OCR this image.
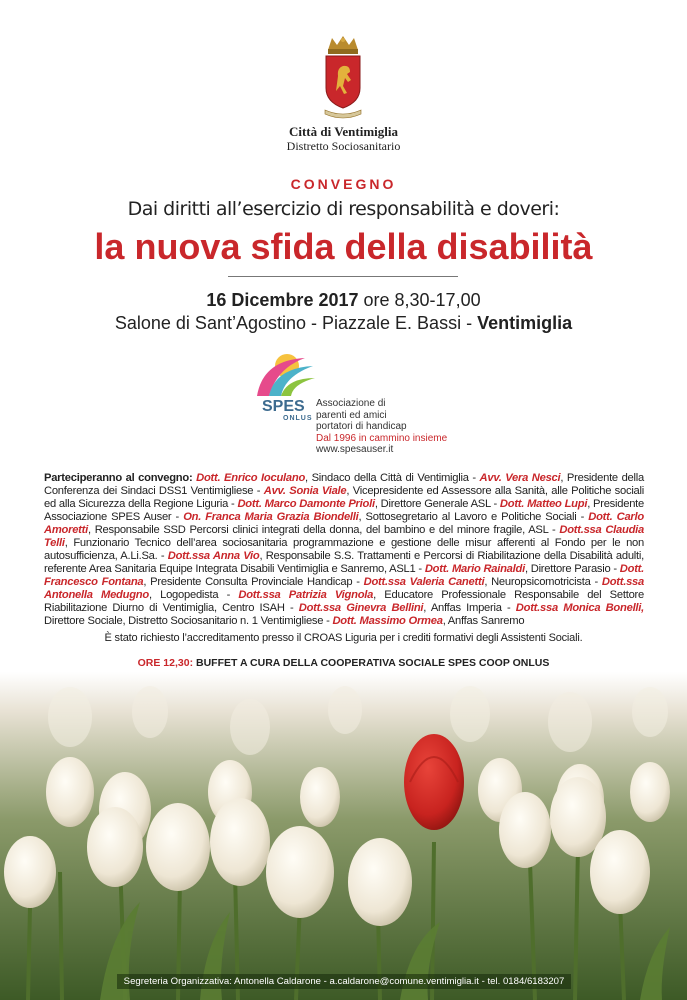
Città di Ventimiglia
Distretto Sociosanitario
CONVEGNO
Dai diritti all’esercizio di responsabilità e doveri:
la nuova sfida della disabilità
16 Dicembre 2017 ore 8,30-17,00
Salone di Sant’Agostino - Piazzale E. Bassi - Ventimiglia
SPES
ONLUS
Associazione di
parenti ed amici
portatori di handicap
Dal 1996 in cammino insieme
www.spesauser.it
Parteciperanno al convegno: Dott. Enrico Ioculano, Sindaco della Città di Ventimiglia - Avv. Vera Nesci, Presidente della Conferenza dei Sindaci DSS1 Ventimigliese - Avv. Sonia Viale, Vicepresidente ed Assessore alla Sanità, alle Politiche sociali ed alla Sicurezza della Regione Liguria - Dott. Marco Damonte Prioli, Direttore Generale ASL - Dott. Matteo Lupi, Presidente Associazione SPES Auser - On. Franca Maria Grazia Biondelli, Sottosegretario al Lavoro e Politiche Sociali - Dott. Carlo Amoretti, Responsabile SSD Percorsi clinici integrati della donna, del bambino e del minore fragile, ASL - Dott.ssa Claudia Telli, Funzionario Tecnico dell’area sociosanitaria programmazione e gestione delle misur afferenti al Fondo per le non autosufficienza, A.Li.Sa. - Dott.ssa Anna Vio, Responsabile S.S. Trattamenti e Percorsi di Riabilitazione della Disabilità adulti, referente Area Sanitaria Equipe Integrata Disabili Ventimiglia e Sanremo, ASL1 - Dott. Mario Rainaldi, Direttore Parasio - Dott. Francesco Fontana, Presidente Consulta Provinciale Handicap - Dott.ssa Valeria Canetti, Neuropsicomotricista - Dott.ssa Antonella Medugno, Logopedista - Dott.ssa Patrizia Vignola, Educatore Professionale Responsabile del Settore Riabilitazione Diurno di Ventimiglia, Centro ISAH - Dott.ssa Ginevra Bellini, Anffas Imperia - Dott.ssa Monica Bonelli, Direttore Sociale, Distretto Sociosanitario n. 1 Ventimigliese - Dott. Massimo Ormea, Anffas Sanremo
È stato richiesto l’accreditamento presso il CROAS Liguria per i crediti formativi degli Assistenti Sociali.
ORE 12,30: BUFFET A CURA DELLA COOPERATIVA SOCIALE SPES COOP ONLUS
Segreteria Organizzativa: Antonella Caldarone - a.caldarone@comune.ventimiglia.it - tel. 0184/6183207
